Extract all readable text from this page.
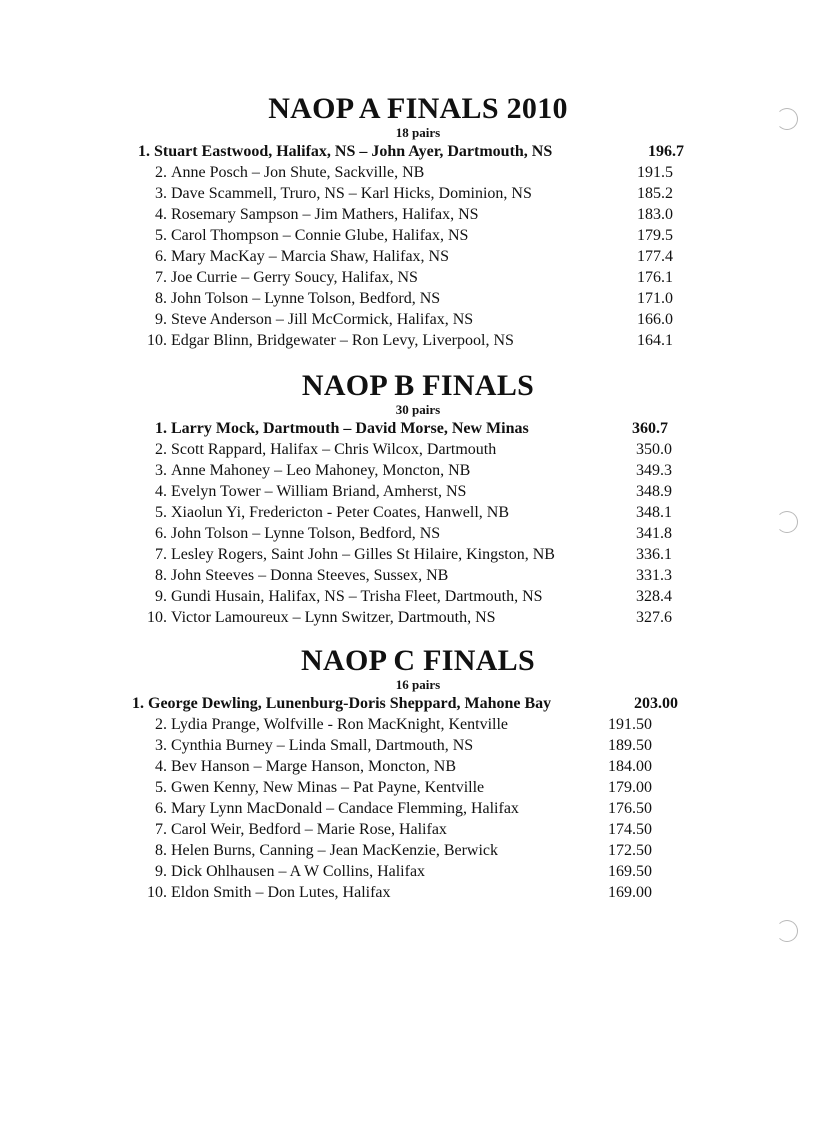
NAOP A FINALS 2010
18 pairs
1. Stuart Eastwood, Halifax, NS – John Ayer, Dartmouth, NS	196.7
2. Anne Posch – Jon Shute, Sackville, NB	191.5
3. Dave Scammell, Truro, NS – Karl Hicks, Dominion, NS	185.2
4. Rosemary Sampson – Jim Mathers, Halifax, NS	183.0
5. Carol Thompson – Connie Glube, Halifax, NS	179.5
6. Mary MacKay – Marcia Shaw, Halifax, NS	177.4
7. Joe Currie – Gerry Soucy, Halifax, NS	176.1
8. John Tolson – Lynne Tolson, Bedford, NS	171.0
9. Steve Anderson – Jill McCormick, Halifax, NS	166.0
10. Edgar Blinn, Bridgewater – Ron Levy, Liverpool, NS	164.1
NAOP B FINALS
30 pairs
1. Larry Mock, Dartmouth – David Morse, New Minas	360.7
2. Scott Rappard, Halifax – Chris Wilcox, Dartmouth	350.0
3. Anne Mahoney – Leo Mahoney, Moncton, NB	349.3
4. Evelyn Tower – William Briand, Amherst, NS	348.9
5. Xiaolun Yi, Fredericton - Peter Coates, Hanwell, NB	348.1
6. John Tolson – Lynne Tolson, Bedford, NS	341.8
7. Lesley Rogers, Saint John – Gilles St Hilaire, Kingston, NB	336.1
8. John Steeves – Donna Steeves, Sussex, NB	331.3
9. Gundi Husain, Halifax, NS – Trisha Fleet, Dartmouth, NS	328.4
10. Victor Lamoureux – Lynn Switzer, Dartmouth, NS	327.6
NAOP C FINALS
16 pairs
1. George Dewling, Lunenburg-Doris Sheppard, Mahone Bay	203.00
2. Lydia Prange, Wolfville - Ron MacKnight, Kentville	191.50
3. Cynthia Burney – Linda Small, Dartmouth, NS	189.50
4. Bev Hanson – Marge Hanson, Moncton, NB	184.00
5. Gwen Kenny, New Minas – Pat Payne, Kentville	179.00
6. Mary Lynn MacDonald – Candace Flemming, Halifax	176.50
7. Carol Weir, Bedford – Marie Rose, Halifax	174.50
8. Helen Burns, Canning – Jean MacKenzie, Berwick	172.50
9. Dick Ohlhausen – A W Collins, Halifax	169.50
10. Eldon Smith – Don Lutes, Halifax	169.00
